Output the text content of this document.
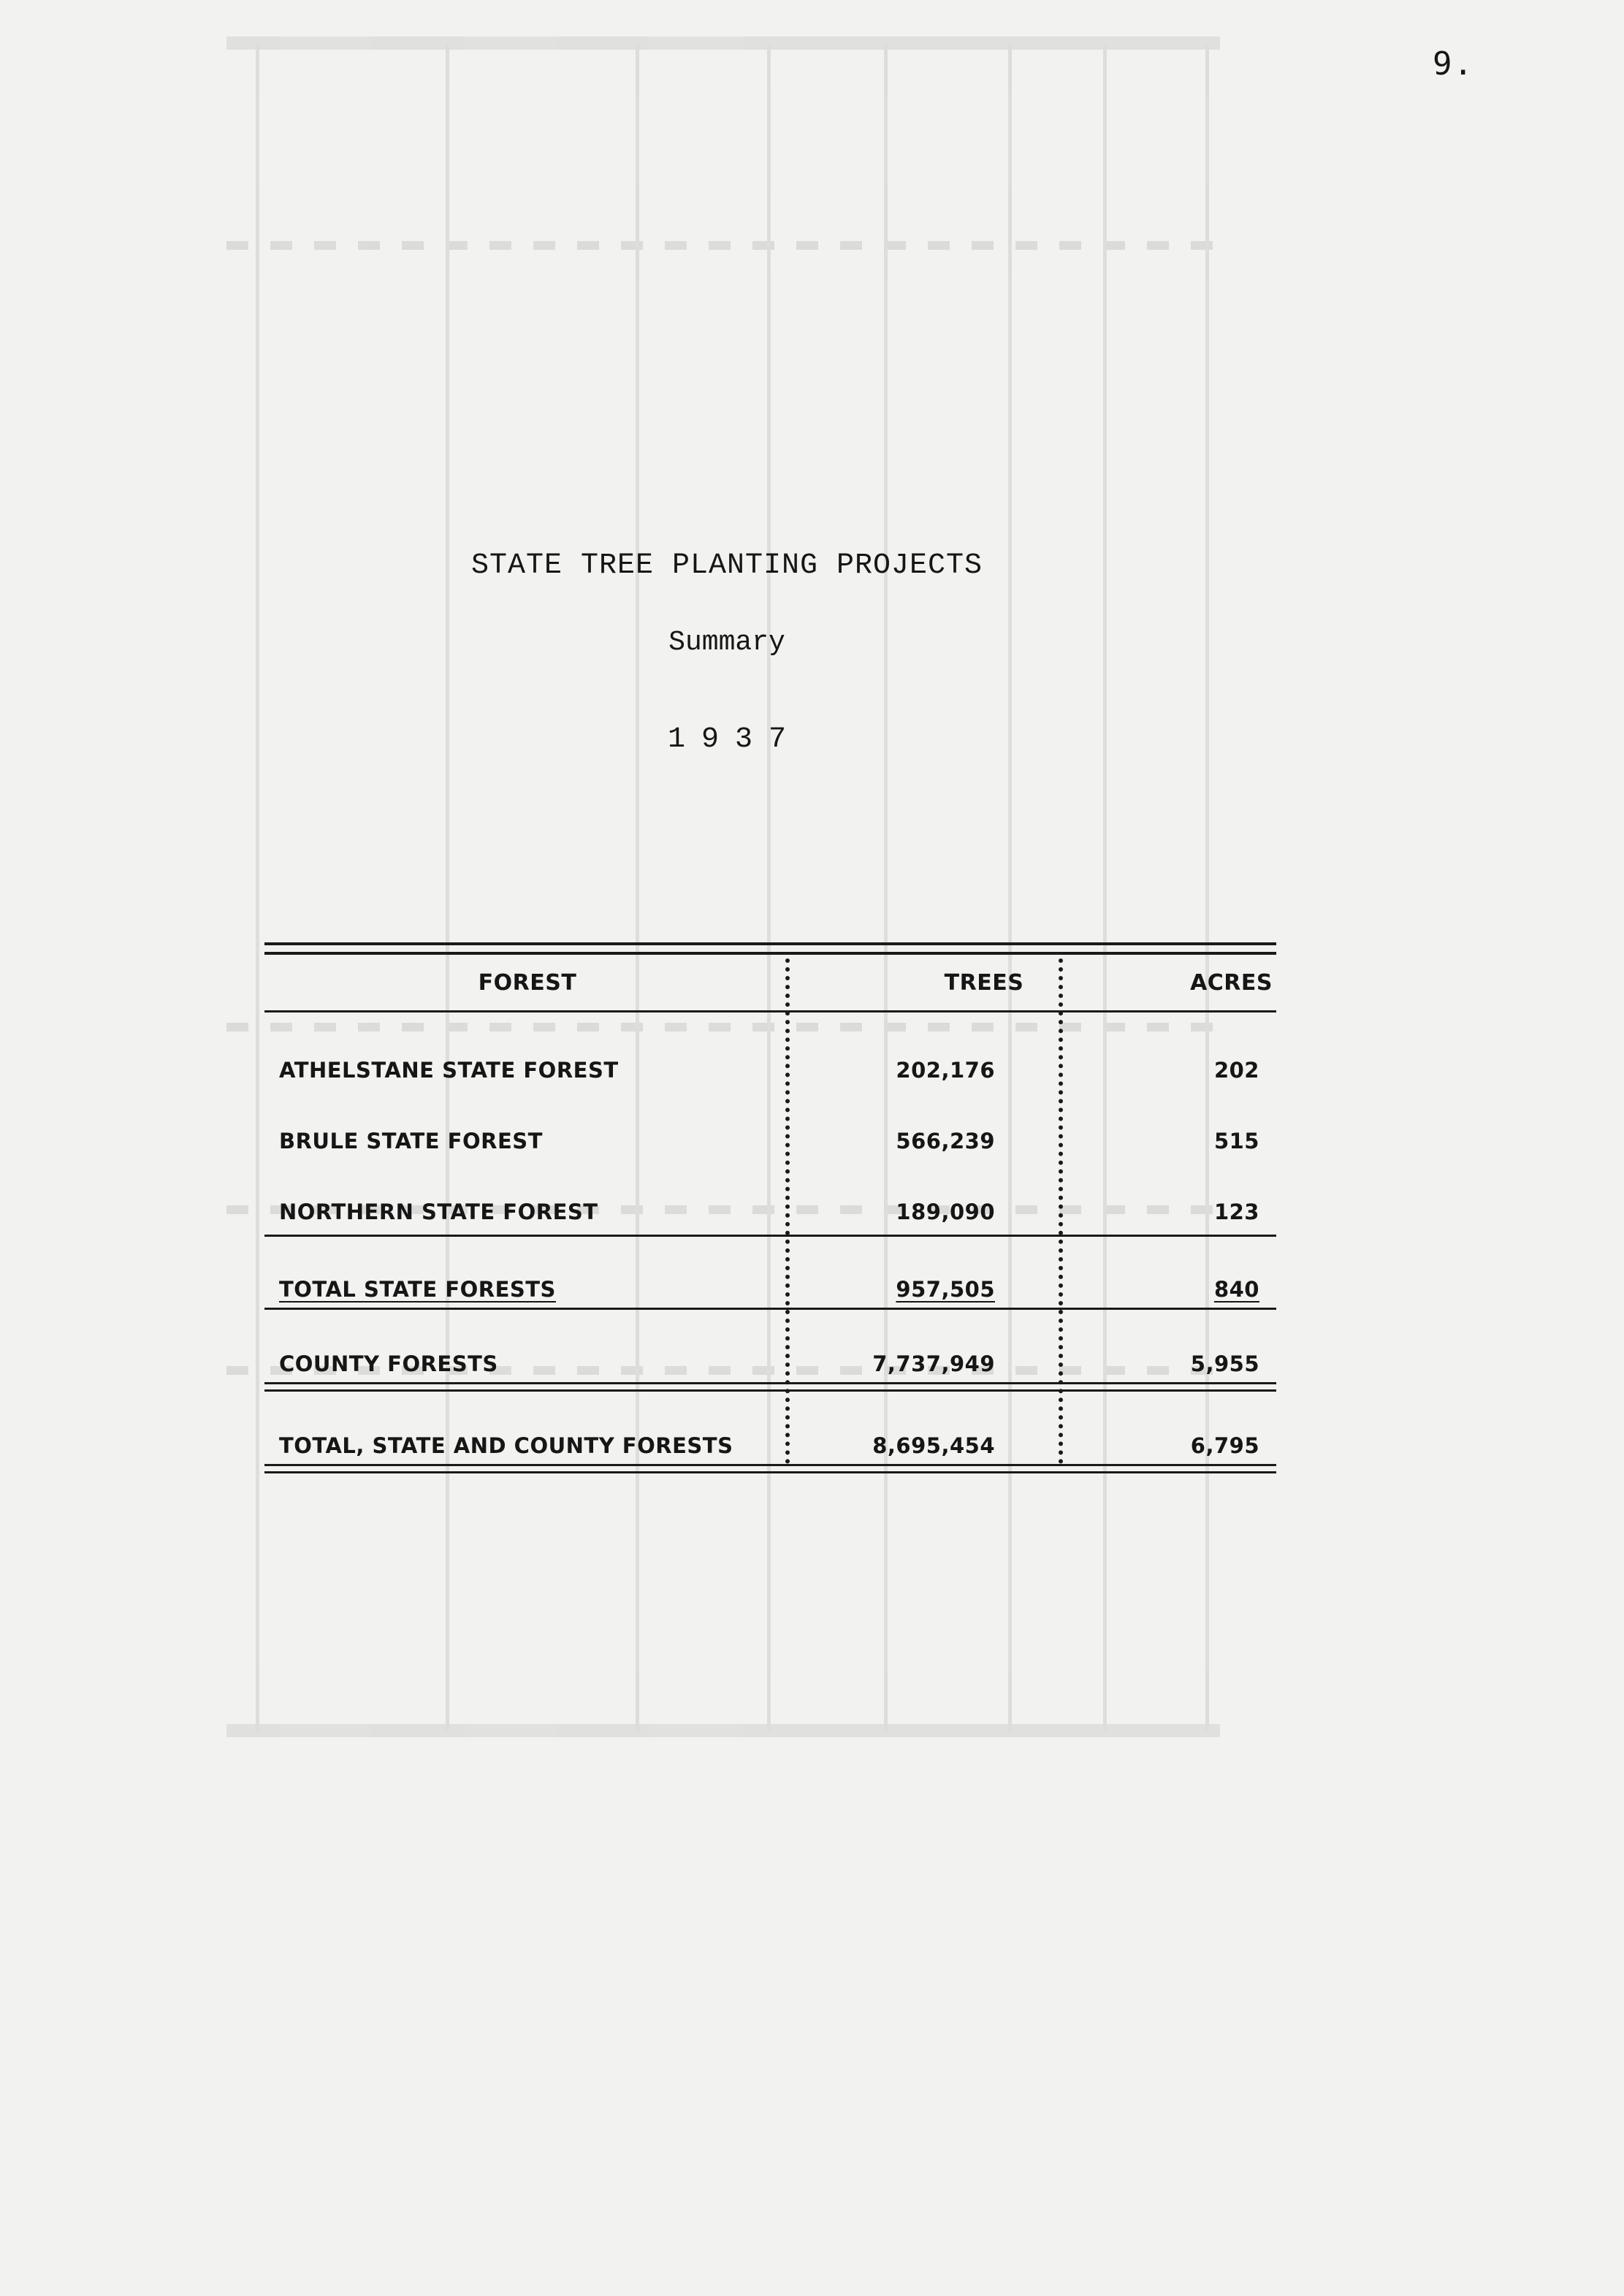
9.
STATE TREE PLANTING PROJECTS
Summary
1937
FOREST	TREES	ACRES
ATHELSTANE STATE FOREST	202,176	202
BRULE STATE FOREST	566,239	515
NORTHERN STATE FOREST	189,090	123
TOTAL STATE FORESTS	957,505	840
COUNTY FORESTS	7,737,949	5,955
TOTAL, STATE AND COUNTY FORESTS	8,695,454	6,795
